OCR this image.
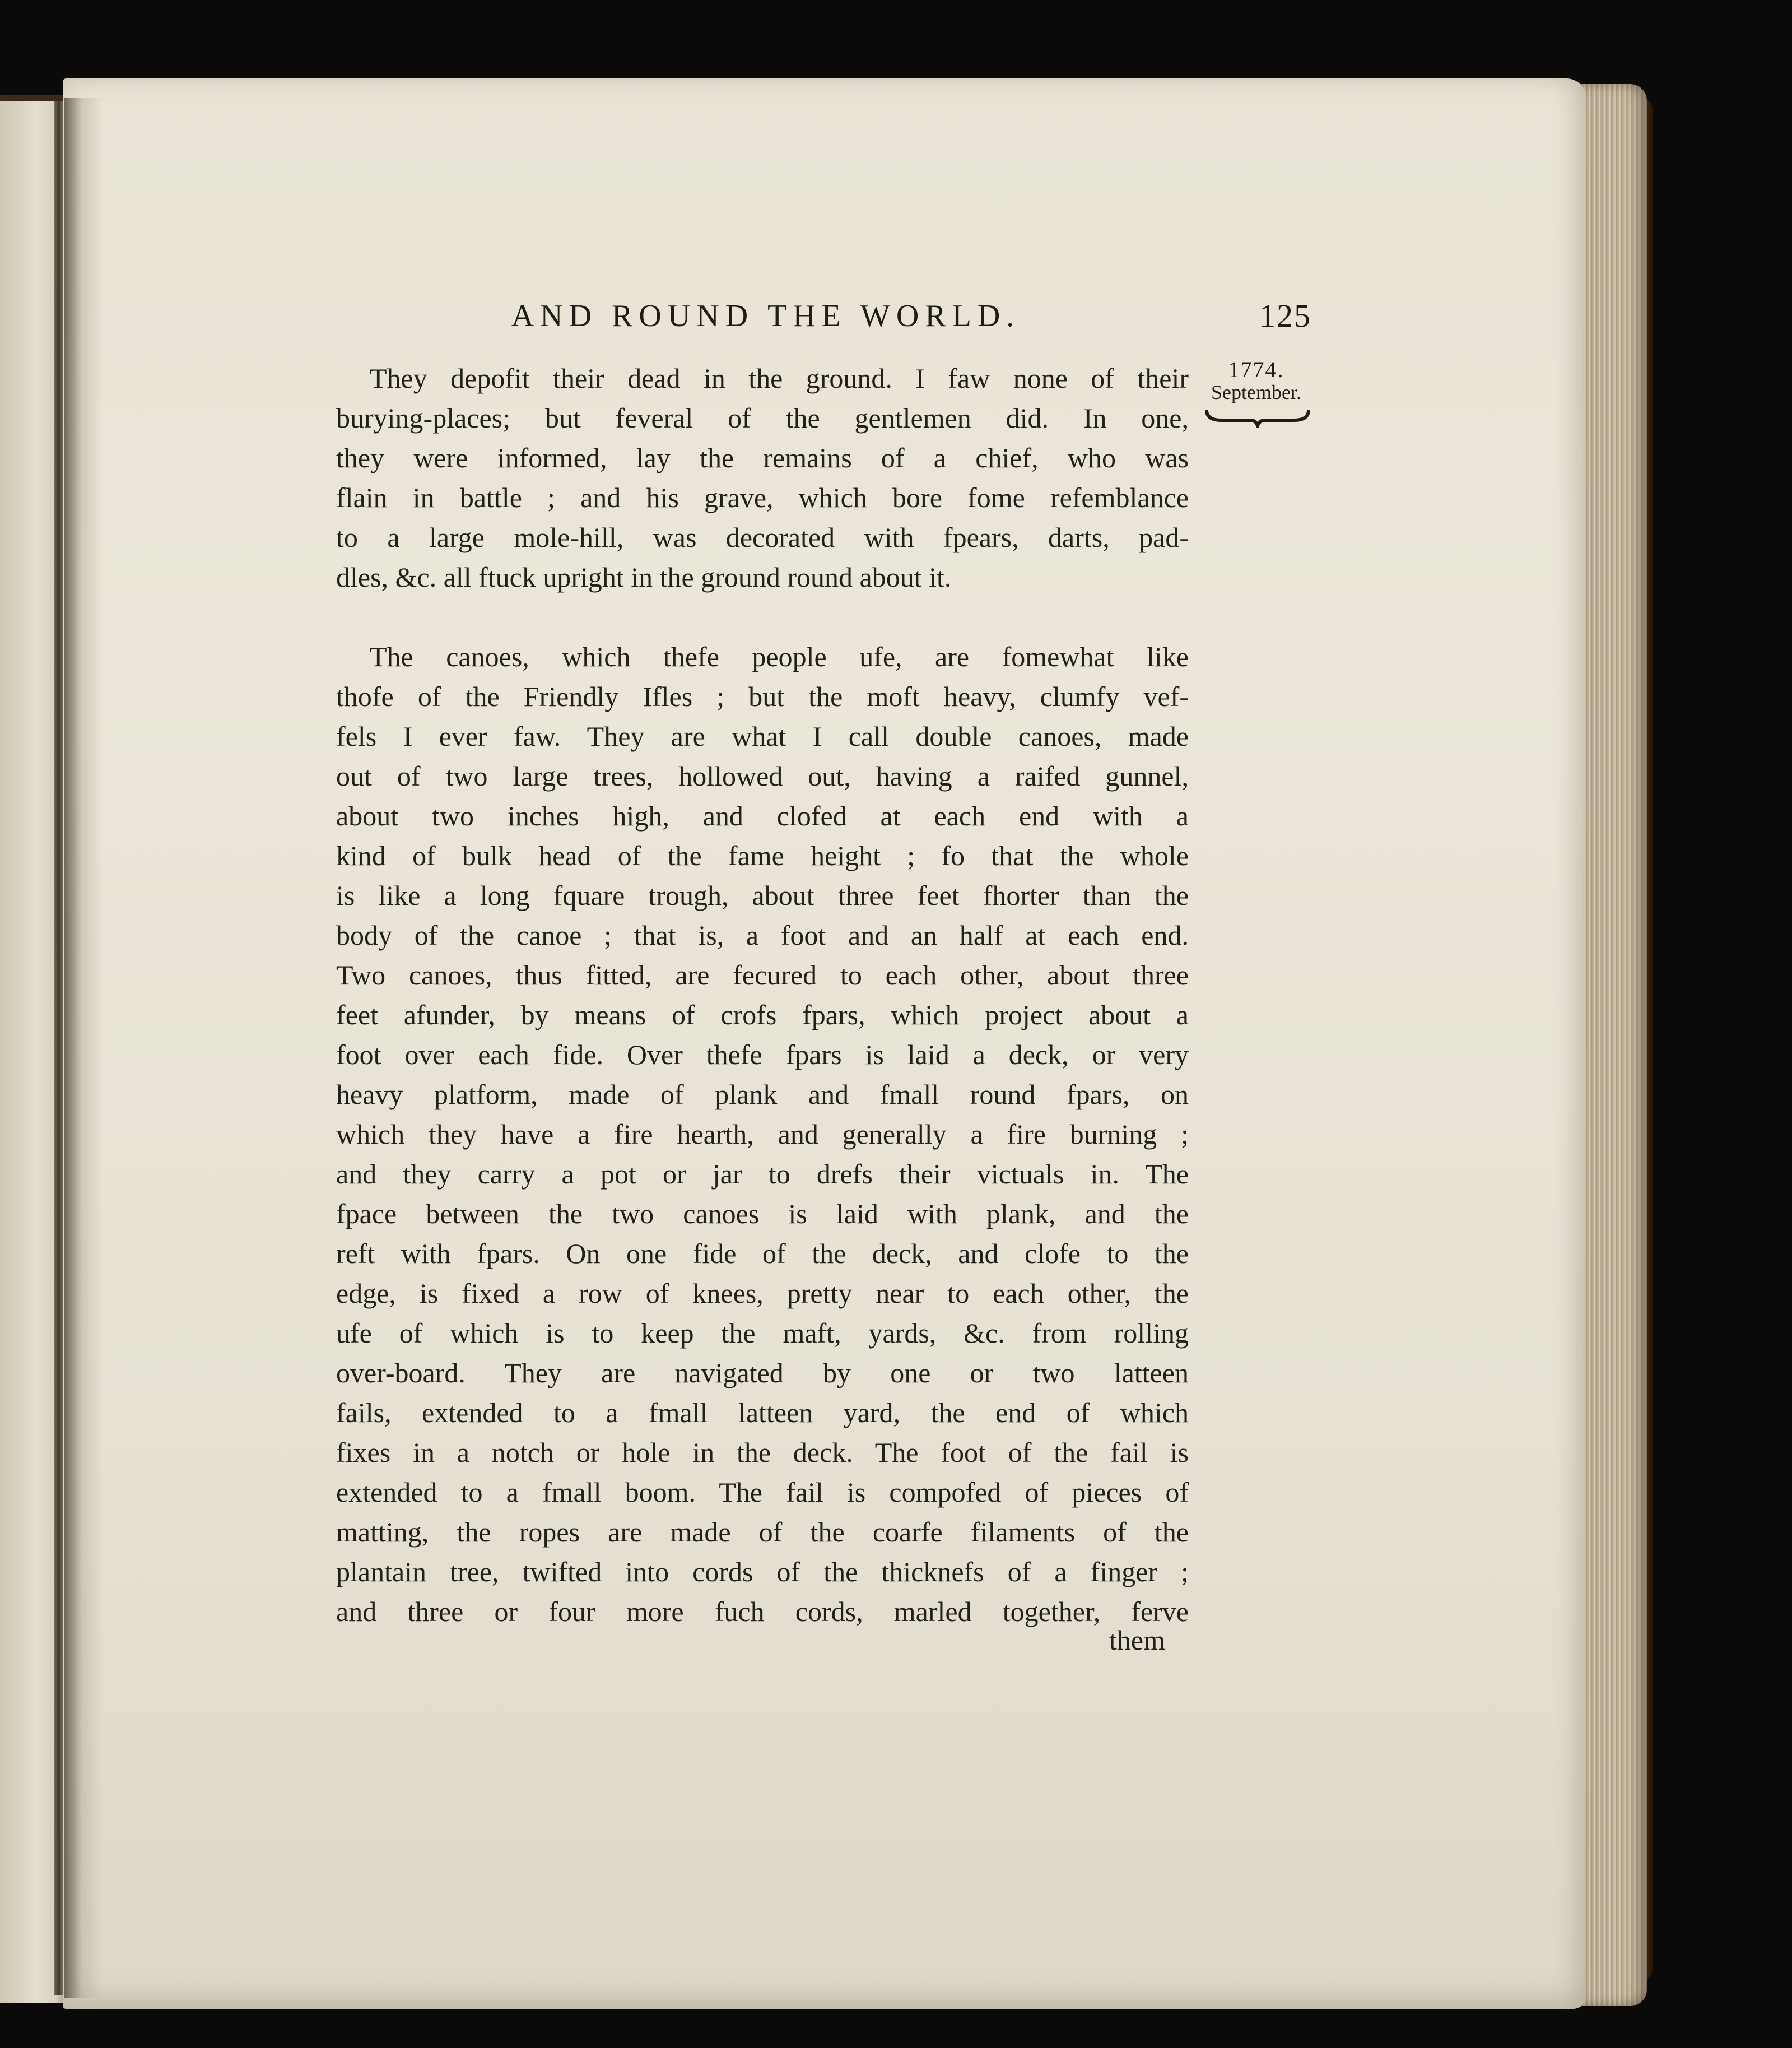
AND ROUND THE WORLD.	125
1774.
September.
They depofit their dead in the ground. I faw none of their
burying-places; but feveral of the gentlemen did. In one,
they were informed, lay the remains of a chief, who was
flain in battle ; and his grave, which bore fome refemblance
to a large mole-hill, was decorated with fpears, darts, pad-
dles, &c. all ftuck upright in the ground round about it.
The canoes, which thefe people ufe, are fomewhat like
thofe of the Friendly Ifles ; but the moft heavy, clumfy vef-
fels I ever faw. They are what I call double canoes, made
out of two large trees, hollowed out, having a raifed gunnel,
about two inches high, and clofed at each end with a
kind of bulk head of the fame height ; fo that the whole
is like a long fquare trough, about three feet fhorter than the
body of the canoe ; that is, a foot and an half at each end.
Two canoes, thus fitted, are fecured to each other, about three
feet afunder, by means of crofs fpars, which project about a
foot over each fide. Over thefe fpars is laid a deck, or very
heavy platform, made of plank and fmall round fpars, on
which they have a fire hearth, and generally a fire burning ;
and they carry a pot or jar to drefs their victuals in. The
fpace between the two canoes is laid with plank, and the
reft with fpars. On one fide of the deck, and clofe to the
edge, is fixed a row of knees, pretty near to each other, the
ufe of which is to keep the maft, yards, &c. from rolling
over-board. They are navigated by one or two latteen
fails, extended to a fmall latteen yard, the end of which
fixes in a notch or hole in the deck. The foot of the fail is
extended to a fmall boom. The fail is compofed of pieces of
matting, the ropes are made of the coarfe filaments of the
plantain tree, twifted into cords of the thicknefs of a finger ;
and three or four more fuch cords, marled together, ferve
them
